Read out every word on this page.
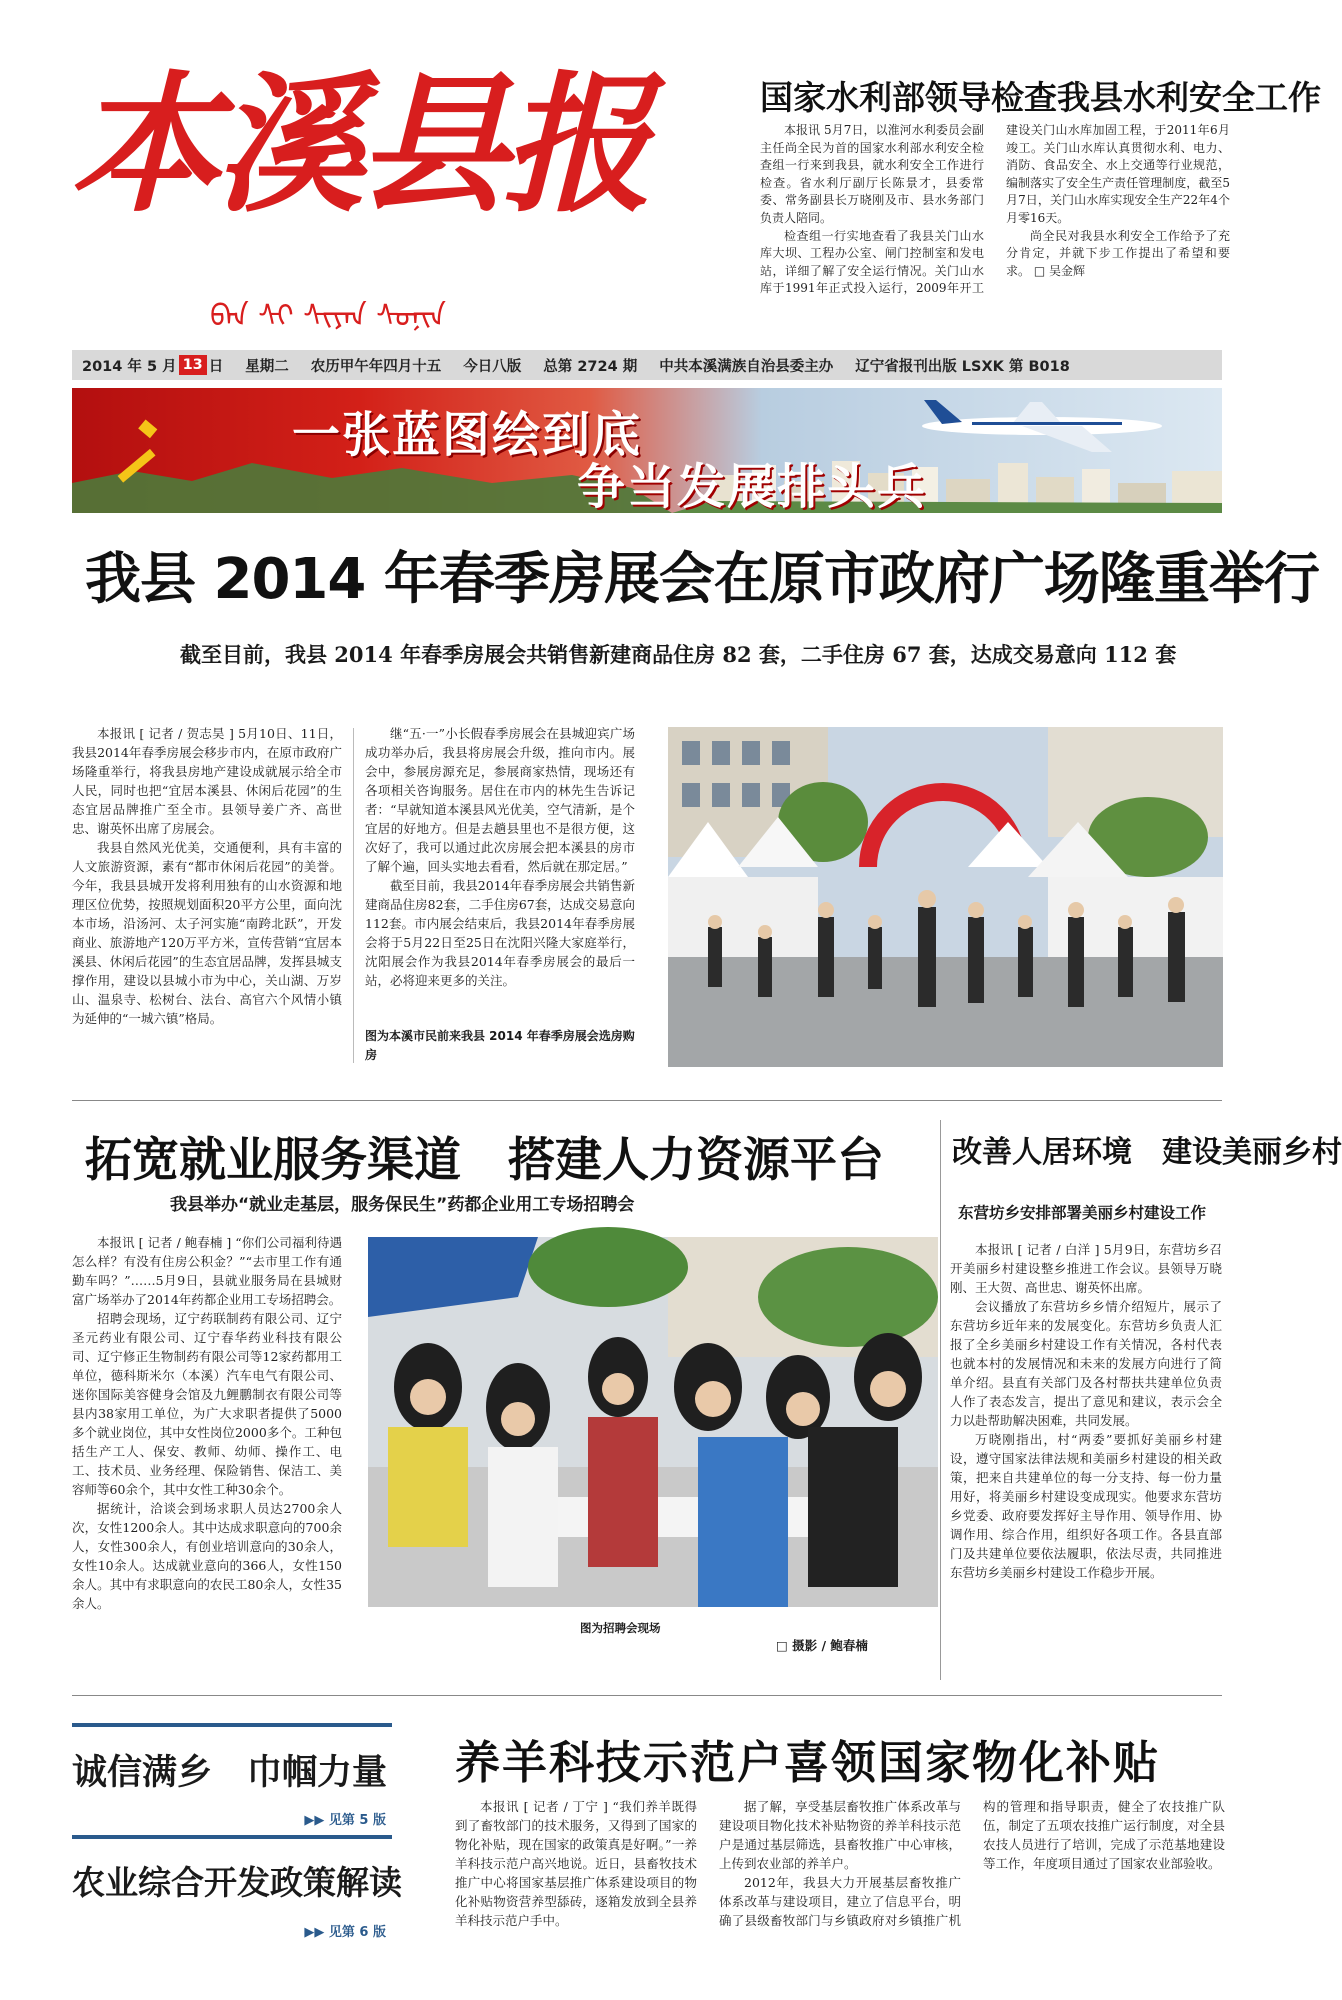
本溪县报
ᠪᠡᠨ ᠰᠢ ᠰᠢᠶᠠᠨ ᠰᠣᠨᠢᠨ
国家水利部领导检查我县水利安全工作

本报讯 5月7日，以淮河水利委员会副主任尚全民为首的国家水利部水利安全检查组一行来到我县，就水利安全工作进行检查。省水利厅副厅长陈景才，县委常委、常务副县长万晓刚及市、县水务部门负责人陪同。

检查组一行实地查看了我县关门山水库大坝、工程办公室、闸门控制室和发电站，详细了解了安全运行情况。关门山水库于1991年正式投入运行，2009年开工建设关门山水库加固工程，于2011年6月竣工。关门山水库认真贯彻水利、电力、消防、食品安全、水上交通等行业规范，编制落实了安全生产责任管理制度，截至5月7日，关门山水库实现安全生产22年4个月零16天。

尚全民对我县水利安全工作给予了充分肯定，并就下步工作提出了希望和要求。 □ 吴金辉

2014 年 5 月 13 日 星期二 农历甲午年四月十五 今日八版 总第 2724 期 中共本溪满族自治县委主办 辽宁省报刊出版 LSXK 第 B018
一张蓝图绘到底
争当发展排头兵
我县 2014 年春季房展会在原市政府广场隆重举行
截至目前，我县 2014 年春季房展会共销售新建商品住房 82 套，二手住房 67 套，达成交易意向 112 套

本报讯 [ 记者 / 贺志昊 ] 5月10日、11日，我县2014年春季房展会移步市内，在原市政府广场隆重举行，将我县房地产建设成就展示给全市人民，同时也把“宜居本溪县、休闲后花园”的生态宜居品牌推广至全市。县领导姜广齐、高世忠、谢英怀出席了房展会。

我县自然风光优美，交通便利，具有丰富的人文旅游资源，素有“都市休闲后花园”的美誉。今年，我县县城开发将利用独有的山水资源和地理区位优势，按照规划面积20平方公里，面向沈本市场，沿汤河、太子河实施“南跨北跃”，开发商业、旅游地产120万平方米，宣传营销“宜居本溪县、休闲后花园”的生态宜居品牌，发挥县城支撑作用，建设以县城小市为中心，关山湖、万岁山、温泉寺、松树台、法台、高官六个风情小镇为延伸的“一城六镇”格局。

继“五·一”小长假春季房展会在县城迎宾广场成功举办后，我县将房展会升级，推向市内。展会中，参展房源充足，参展商家热情，现场还有各项相关咨询服务。居住在市内的林先生告诉记者：“早就知道本溪县风光优美，空气清新，是个宜居的好地方。但是去趟县里也不是很方便，这次好了，我可以通过此次房展会把本溪县的房市了解个遍，回头实地去看看，然后就在那定居。”

截至目前，我县2014年春季房展会共销售新建商品住房82套，二手住房67套，达成交易意向112套。市内展会结束后，我县2014年春季房展会将于5月22日至25日在沈阳兴隆大家庭举行，沈阳展会作为我县2014年春季房展会的最后一站，必将迎来更多的关注。

图为本溪市民前来我县 2014 年春季房展会选房购房
拓宽就业服务渠道　搭建人力资源平台
我县举办“就业走基层，服务保民生”药都企业用工专场招聘会

本报讯 [ 记者 / 鲍春楠 ] “你们公司福利待遇怎么样？有没有住房公积金？”“去市里工作有通勤车吗？”……5月9日，县就业服务局在县城财富广场举办了2014年药都企业用工专场招聘会。

招聘会现场，辽宁药联制药有限公司、辽宁圣元药业有限公司、辽宁春华药业科技有限公司、辽宁修正生物制药有限公司等12家药都用工单位，德科斯米尔（本溪）汽车电气有限公司、迷你国际美容健身会馆及九鲤鹏制衣有限公司等县内38家用工单位，为广大求职者提供了5000多个就业岗位，其中女性岗位2000多个。工种包括生产工人、保安、教师、幼师、操作工、电工、技术员、业务经理、保险销售、保洁工、美容师等60余个，其中女性工种30余个。

据统计，洽谈会到场求职人员达2700余人次，女性1200余人。其中达成求职意向的700余人，女性300余人，有创业培训意向的30余人，女性10余人。达成就业意向的366人，女性150余人。其中有求职意向的农民工80余人，女性35余人。

图为招聘会现场
□ 摄影 / 鲍春楠
改善人居环境　建设美丽乡村
东营坊乡安排部署美丽乡村建设工作

本报讯 [ 记者 / 白洋 ] 5月9日，东营坊乡召开美丽乡村建设整乡推进工作会议。县领导万晓刚、王大贺、高世忠、谢英怀出席。

会议播放了东营坊乡乡情介绍短片，展示了东营坊乡近年来的发展变化。东营坊乡负责人汇报了全乡美丽乡村建设工作有关情况，各村代表也就本村的发展情况和未来的发展方向进行了简单介绍。县直有关部门及各村帮扶共建单位负责人作了表态发言，提出了意见和建议，表示会全力以赴帮助解决困难，共同发展。

万晓刚指出，村“两委”要抓好美丽乡村建设，遵守国家法律法规和美丽乡村建设的相关政策，把来自共建单位的每一分支持、每一份力量用好，将美丽乡村建设变成现实。他要求东营坊乡党委、政府要发挥好主导作用、领导作用、协调作用、综合作用，组织好各项工作。各县直部门及共建单位要依法履职，依法尽责，共同推进东营坊乡美丽乡村建设工作稳步开展。

诚信满乡　巾帼力量
▶▶ 见第 5 版
农业综合开发政策解读
▶▶ 见第 6 版
养羊科技示范户喜领国家物化补贴

本报讯 [ 记者 / 丁宁 ] “我们养羊既得到了畜牧部门的技术服务，又得到了国家的物化补贴，现在国家的政策真是好啊。”一养羊科技示范户高兴地说。近日，县畜牧技术推广中心将国家基层推广体系建设项目的物化补贴物资营养型舔砖，逐箱发放到全县养羊科技示范户手中。

据了解，享受基层畜牧推广体系改革与建设项目物化技术补贴物资的养羊科技示范户是通过基层筛选，县畜牧推广中心审核，上传到农业部的养羊户。

2012年，我县大力开展基层畜牧推广体系改革与建设项目，建立了信息平台，明确了县级畜牧部门与乡镇政府对乡镇推广机构的管理和指导职责，健全了农技推广队伍，制定了五项农技推广运行制度，对全县农技人员进行了培训，完成了示范基地建设等工作，年度项目通过了国家农业部验收。
